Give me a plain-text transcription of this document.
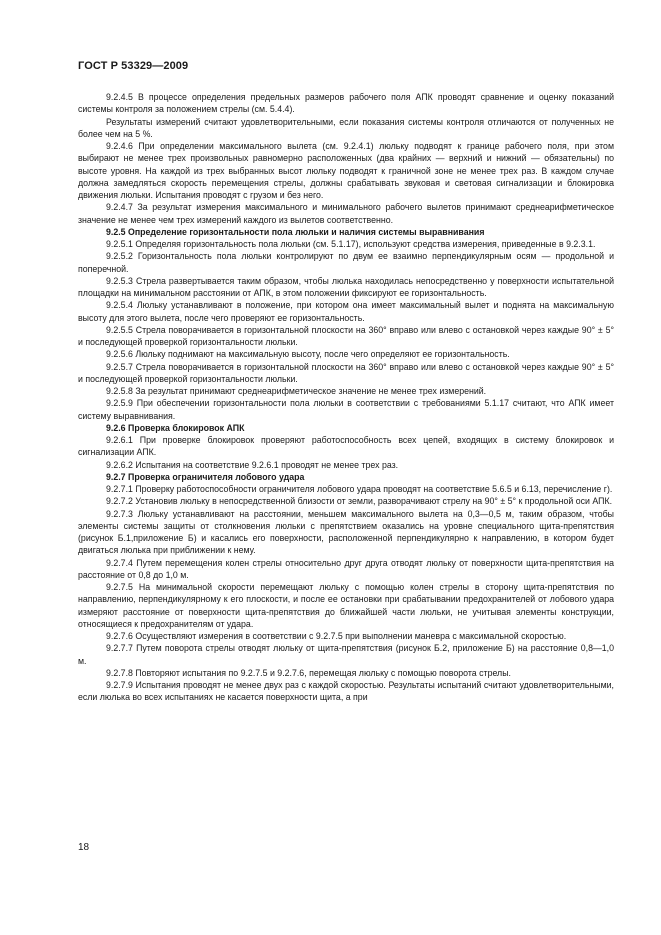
ГОСТ Р 53329—2009

9.2.4.5 В процессе определения предельных размеров рабочего поля АПК проводят сравнение и оценку показаний системы контроля за положением стрелы (см. 5.4.4).

Результаты измерений считают удовлетворительными, если показания системы контроля отличаются от полученных не более чем на 5 %.

9.2.4.6 При определении максимального вылета (см. 9.2.4.1) люльку подводят к границе рабочего поля, при этом выбирают не менее трех произвольных равномерно расположенных (два крайних — верхний и нижний — обязательны) по высоте уровня. На каждой из трех выбранных высот люльку подводят к граничной зоне не менее трех раз. В каждом случае должна замедляться скорость перемещения стрелы, должны срабатывать звуковая и световая сигнализации и блокировка движения люльки. Испытания проводят с грузом и без него.

9.2.4.7 За результат измерения максимального и минимального рабочего вылетов принимают среднеарифметическое значение не менее чем трех измерений каждого из вылетов соответственно.

9.2.5 Определение горизонтальности пола люльки и наличия системы выравнивания

9.2.5.1 Определяя горизонтальность пола люльки (см. 5.1.17), используют средства измерения, приведенные в 9.2.3.1.

9.2.5.2 Горизонтальность пола люльки контролируют по двум ее взаимно перпендикулярным осям — продольной и поперечной.

9.2.5.3 Стрела развертывается таким образом, чтобы люлька находилась непосредственно у поверхности испытательной площадки на минимальном расстоянии от АПК, в этом положении фиксируют ее горизонтальность.

9.2.5.4 Люльку устанавливают в положение, при котором она имеет максимальный вылет и поднята на максимальную высоту для этого вылета, после чего проверяют ее горизонтальность.

9.2.5.5 Стрела поворачивается в горизонтальной плоскости на 360° вправо или влево с остановкой через каждые 90° ± 5° и последующей проверкой горизонтальности люльки.

9.2.5.6 Люльку поднимают на максимальную высоту, после чего определяют ее горизонтальность.

9.2.5.7 Стрела поворачивается в горизонтальной плоскости на 360° вправо или влево с остановкой через каждые 90° ± 5° и последующей проверкой горизонтальности люльки.

9.2.5.8 За результат принимают среднеарифметическое значение не менее трех измерений.

9.2.5.9 При обеспечении горизонтальности пола люльки в соответствии с требованиями 5.1.17 считают, что АПК имеет систему выравнивания.

9.2.6 Проверка блокировок АПК

9.2.6.1 При проверке блокировок проверяют работоспособность всех цепей, входящих в систему блокировок и сигнализации АПК.

9.2.6.2 Испытания на соответствие 9.2.6.1 проводят не менее трех раз.

9.2.7 Проверка ограничителя лобового удара

9.2.7.1 Проверку работоспособности ограничителя лобового удара проводят на соответствие 5.6.5 и 6.13, перечисление г).

9.2.7.2 Установив люльку в непосредственной близости от земли, разворачивают стрелу на 90° ± 5° к продольной оси АПК.

9.2.7.3 Люльку устанавливают на расстоянии, меньшем максимального вылета на 0,3—0,5 м, таким образом, чтобы элементы системы защиты от столкновения люльки с препятствием оказались на уровне специального щита-препятствия (рисунок Б.1,приложение Б) и касались его поверхности, расположенной перпендикулярно к направлению, в котором будет двигаться люлька при приближении к нему.

9.2.7.4 Путем перемещения колен стрелы относительно друг друга отводят люльку от поверхности щита-препятствия на расстояние от 0,8 до 1,0 м.

9.2.7.5 На минимальной скорости перемещают люльку с помощью колен стрелы в сторону щита-препятствия по направлению, перпендикулярному к его плоскости, и после ее остановки при срабатывании предохранителей от лобового удара измеряют расстояние от поверхности щита-препятствия до ближайшей части люльки, не учитывая элементы конструкции, относящиеся к предохранителям от удара.

9.2.7.6 Осуществляют измерения в соответствии с 9.2.7.5 при выполнении маневра с максимальной скоростью.

9.2.7.7 Путем поворота стрелы отводят люльку от щита-препятствия (рисунок Б.2, приложение Б) на расстояние 0,8—1,0 м.

9.2.7.8 Повторяют испытания по 9.2.7.5 и 9.2.7.6, перемещая люльку с помощью поворота стрелы.

9.2.7.9 Испытания проводят не менее двух раз с каждой скоростью. Результаты испытаний считают удовлетворительными, если люлька во всех испытаниях не касается поверхности щита, а при

18
